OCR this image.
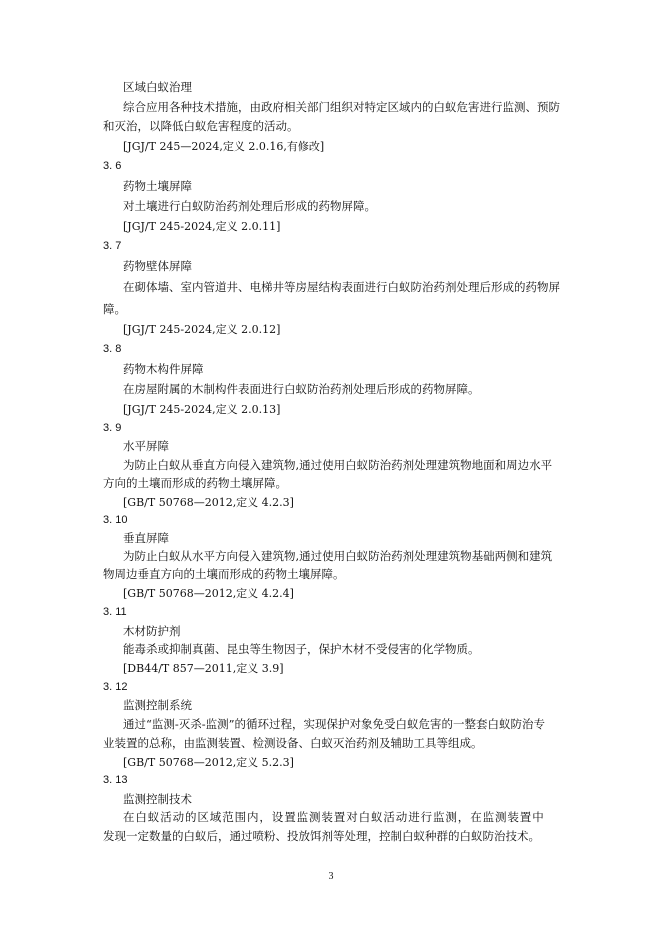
区域白蚁治理
综合应用各种技术措施，由政府相关部门组织对特定区域内的白蚁危害进行监测、预防
和灭治，以降低白蚁危害程度的活动。
[JGJ/T 245—2024,定义 2.0.16,有修改]
3. 6
药物土壤屏障
对土壤进行白蚁防治药剂处理后形成的药物屏障。
[JGJ/T 245-2024,定义 2.0.11]
3. 7
药物壁体屏障
在砌体墙、室内管道井、电梯井等房屋结构表面进行白蚁防治药剂处理后形成的药物屏
障。
[JGJ/T 245-2024,定义 2.0.12]
3. 8
药物木构件屏障
在房屋附属的木制构件表面进行白蚁防治药剂处理后形成的药物屏障。
[JGJ/T 245-2024,定义 2.0.13]
3. 9
水平屏障
为防止白蚁从垂直方向侵入建筑物,通过使用白蚁防治药剂处理建筑物地面和周边水平
方向的土壤而形成的药物土壤屏障。
[GB/T 50768—2012,定义 4.2.3]
3. 10
垂直屏障
为防止白蚁从水平方向侵入建筑物,通过使用白蚁防治药剂处理建筑物基础两侧和建筑
物周边垂直方向的土壤而形成的药物土壤屏障。
[GB/T 50768—2012,定义 4.2.4]
3. 11
木材防护剂
能毒杀或抑制真菌、昆虫等生物因子，保护木材不受侵害的化学物质。
[DB44/T 857—2011,定义 3.9]
3. 12
监测控制系统
通过“监测-灭杀-监测”的循环过程，实现保护对象免受白蚁危害的一整套白蚁防治专
业装置的总称，由监测装置、检测设备、白蚁灭治药剂及辅助工具等组成。
[GB/T 50768—2012,定义 5.2.3]
3. 13
监测控制技术
在白蚁活动的区域范围内，设置监测装置对白蚁活动进行监测，在监测装置中
发现一定数量的白蚁后，通过喷粉、投放饵剂等处理，控制白蚁种群的白蚁防治技术。
3
